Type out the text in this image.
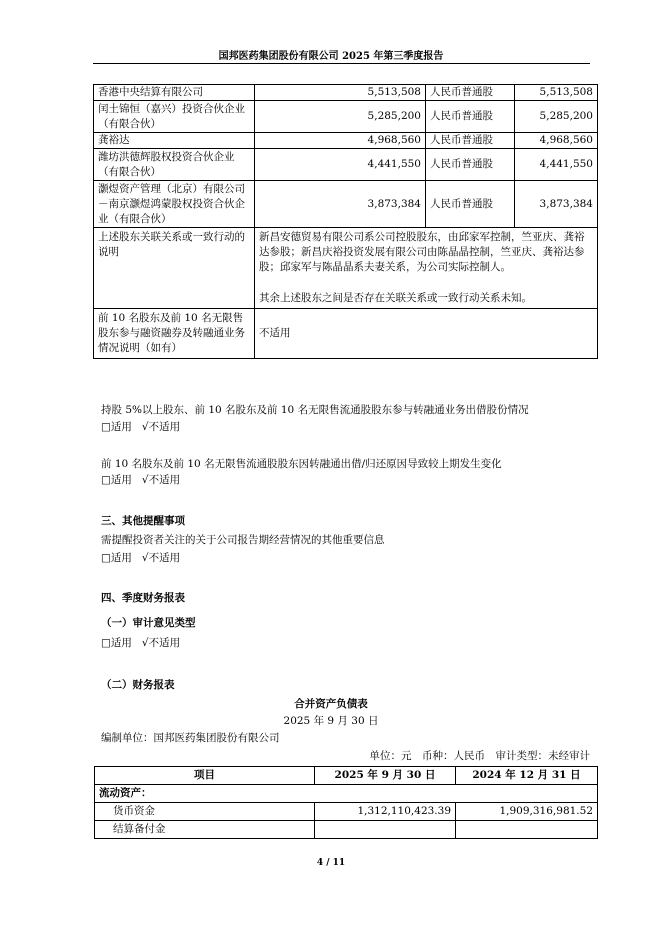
国邦医药集团股份有限公司 2025 年第三季度报告
香港中央结算有限公司	5,513,508	人民币普通股	5,513,508
闰土锦恒（嘉兴）投资合伙企业（有限合伙）	5,285,200	人民币普通股	5,285,200
龚裕达	4,968,560	人民币普通股	4,968,560
潍坊洪德辉股权投资合伙企业（有限合伙）	4,441,550	人民币普通股	4,441,550
灏煜资产管理（北京）有限公司－南京灏煜鸿蒙股权投资合伙企业（有限合伙）	3,873,384	人民币普通股	3,873,384
上述股东关联关系或一致行动的说明	新昌安德贸易有限公司系公司控股股东，由邱家军控制，竺亚庆、龚裕达参股；新昌庆裕投资发展有限公司由陈晶晶控制，竺亚庆、龚裕达参股；邱家军与陈晶晶系夫妻关系，为公司实际控制人。
其余上述股东之间是否存在关联关系或一致行动关系未知。		

前 10 名股东及前 10 名无限售股东参与融资融券及转融通业务情况说明（如有）	不适用		
持股 5%以上股东、前 10 名股东及前 10 名无限售流通股股东参与转融通业务出借股份情况
□适用 √不适用
前 10 名股东及前 10 名无限售流通股股东因转融通出借/归还原因导致较上期发生变化
□适用 √不适用
三、其他提醒事项
需提醒投资者关注的关于公司报告期经营情况的其他重要信息
□适用 √不适用
四、季度财务报表
（一）审计意见类型
□适用 √不适用
（二）财务报表
合并资产负债表
2025 年 9 月 30 日
编制单位：国邦医药集团股份有限公司
单位：元　币种：人民币　审计类型：未经审计
项目	2025 年 9 月 30 日	2024 年 12 月 31 日
流动资产：		
货币资金	1,312,110,423.39	1,909,316,981.52
结算备付金		
4 / 11
